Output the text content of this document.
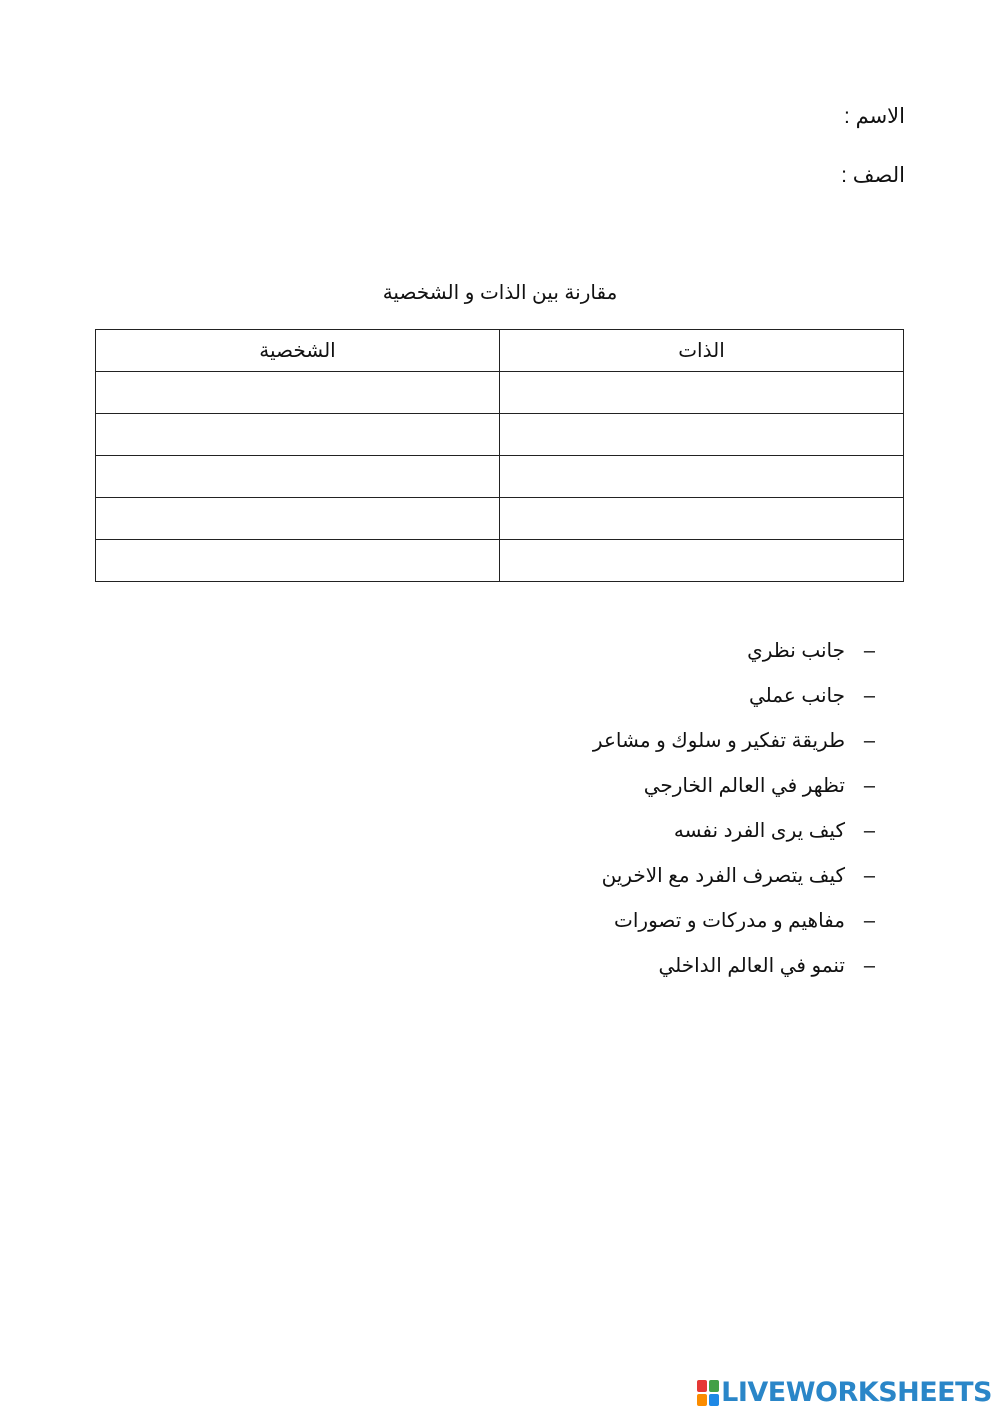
الاسم :
الصف :
مقارنة بين الذات و الشخصية
الذات	الشخصية

–
جانب نظري
–
جانب عملي
–
طريقة تفكير و سلوك و مشاعر
–
تظهر في العالم الخارجي
–
كيف يرى الفرد نفسه
–
كيف يتصرف الفرد مع الاخرين
–
مفاهيم و مدركات و تصورات
–
تنمو في العالم الداخلي
LIVEWORKSHEETS
